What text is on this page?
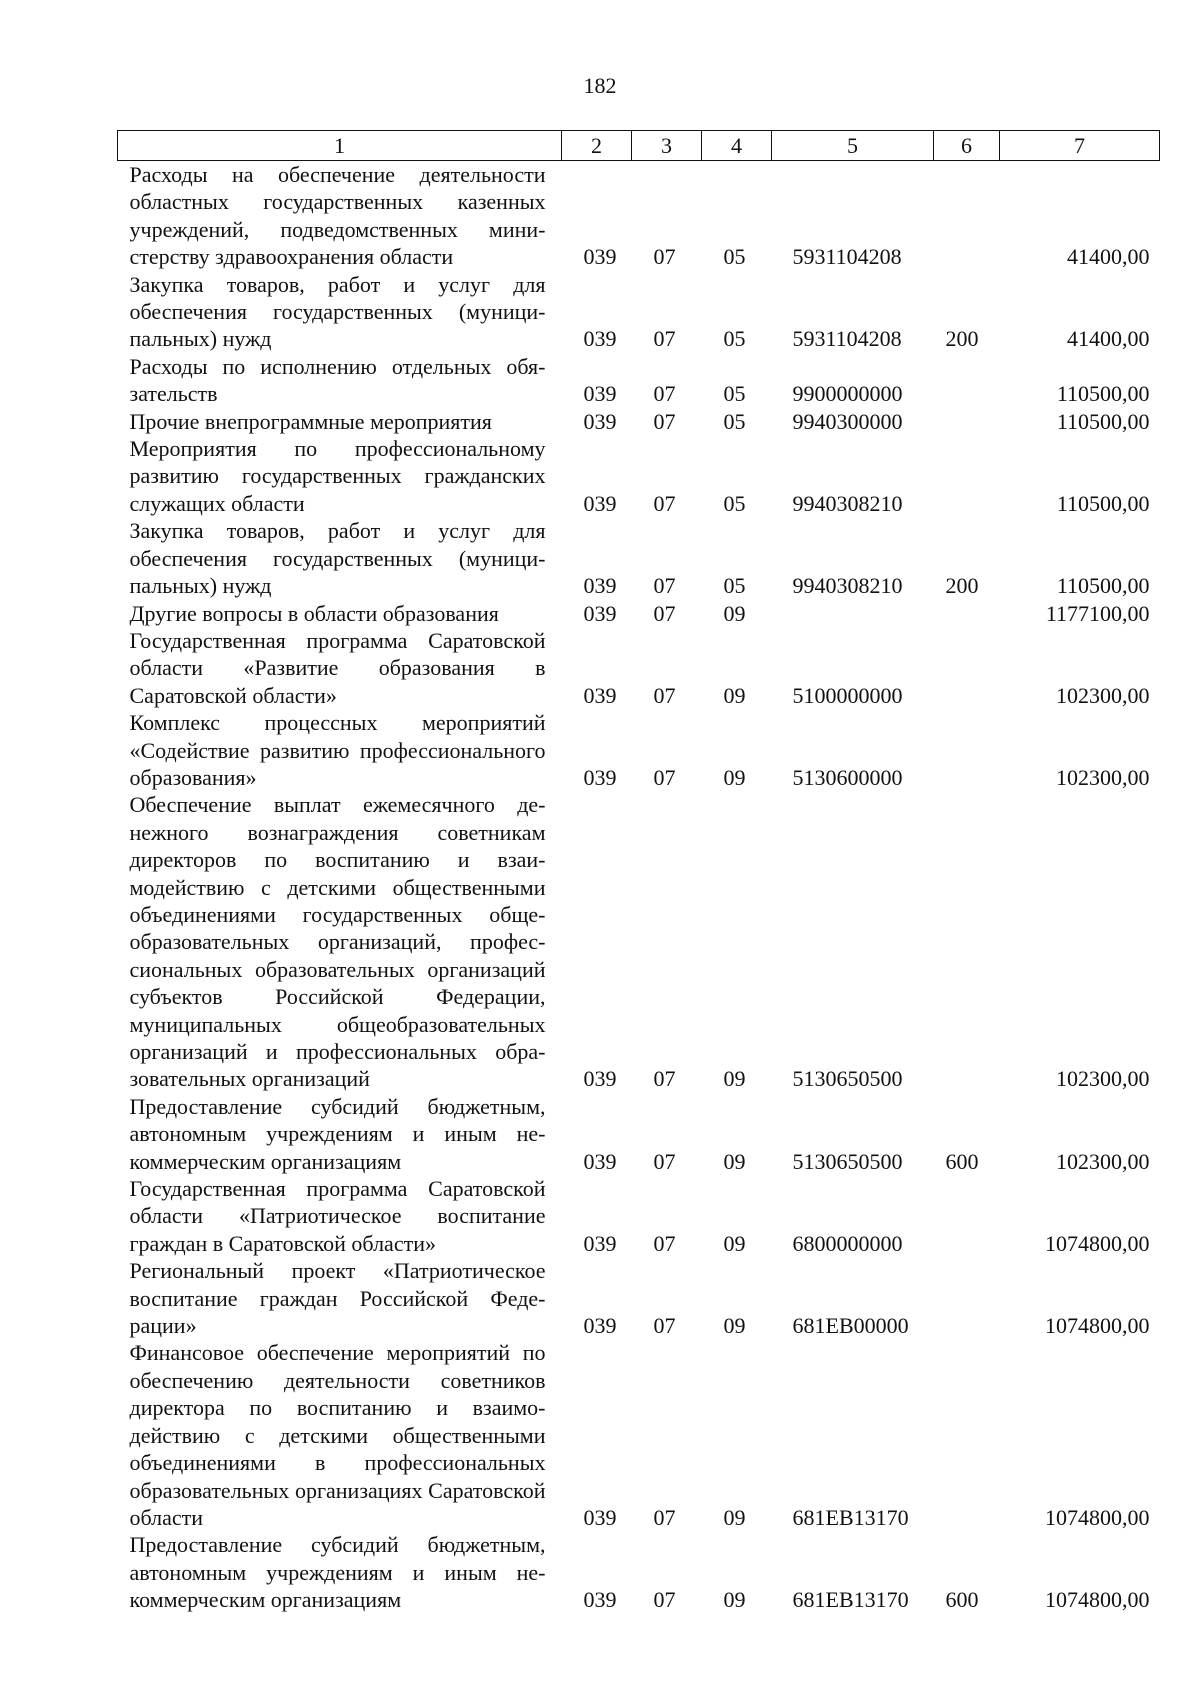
182
1	2	3	4	5	6	7
Расходы на обеспечение деятельности областных государственных казенных учреждений, подведомственных министерству здравоохранения области	039	07	05	5931104208		41400,00
Закупка товаров, работ и услуг для обеспечения государственных (муниципальных) нужд	039	07	05	5931104208	200	41400,00
Расходы по исполнению отдельных обязательств	039	07	05	9900000000		110500,00
Прочие внепрограммные мероприятия	039	07	05	9940300000		110500,00
Мероприятия по профессиональному развитию государственных гражданских служащих области	039	07	05	9940308210		110500,00
Закупка товаров, работ и услуг для обеспечения государственных (муниципальных) нужд	039	07	05	9940308210	200	110500,00
Другие вопросы в области образования	039	07	09			1177100,00
Государственная программа Саратовской области «Развитие образования в Саратовской области»	039	07	09	5100000000		102300,00
Комплекс процессных мероприятий «Содействие развитию профессионального образования»	039	07	09	5130600000		102300,00
Обеспечение выплат ежемесячного денежного вознаграждения советникам директоров по воспитанию и взаимодействию с детскими общественными объединениями государственных общеобразовательных организаций, профессиональных образовательных организаций субъектов Российской Федерации, муниципальных общеобразовательных организаций и профессиональных образовательных организаций	039	07	09	5130650500		102300,00
Предоставление субсидий бюджетным, автономным учреждениям и иным некоммерческим организациям	039	07	09	5130650500	600	102300,00
Государственная программа Саратовской области «Патриотическое воспитание граждан в Саратовской области»	039	07	09	6800000000		1074800,00
Региональный проект «Патриотическое воспитание граждан Российской Федерации»	039	07	09	681EB00000		1074800,00
Финансовое обеспечение мероприятий по обеспечению деятельности советников директора по воспитанию и взаимодействию с детскими общественными объединениями в профессиональных образовательных организациях Саратовской области	039	07	09	681EB13170		1074800,00
Предоставление субсидий бюджетным, автономным учреждениям и иным некоммерческим организациям	039	07	09	681EB13170	600	1074800,00
